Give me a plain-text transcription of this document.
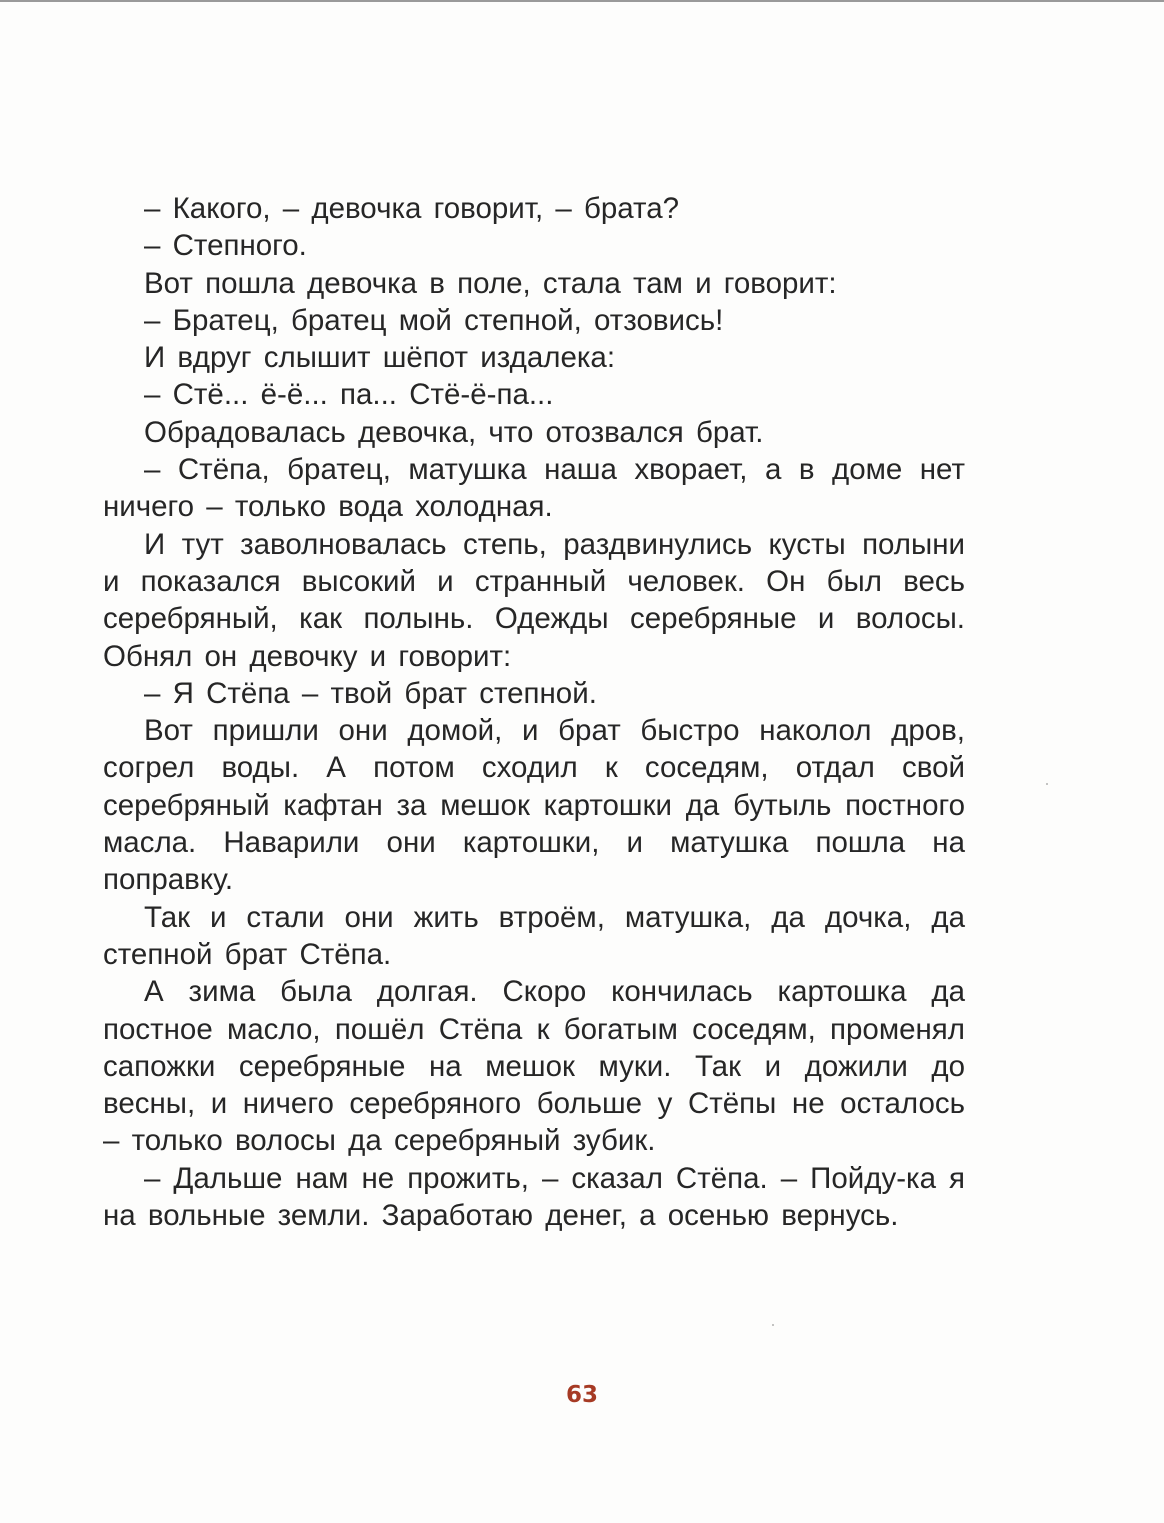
– Какого, – девочка говорит, – брата?

– Степного.

Вот пошла девочка в поле, стала там и говорит:

– Братец, братец мой степной, отзовись!

И вдруг слышит шёпот издалека:

– Стё... ё-ё... па... Стё-ё-па...

Обрадовалась девочка, что отозвался брат.

– Стёпа, братец, матушка наша хворает, а в доме нет ничего – только вода холодная.

И тут заволновалась степь, раздвинулись кусты полыни и показался высокий и странный человек. Он был весь серебряный, как полынь. Одежды серебряные и волосы. Обнял он девочку и говорит:

– Я Стёпа – твой брат степной.

Вот пришли они домой, и брат быстро наколол дров, согрел воды. А потом сходил к соседям, отдал свой серебряный кафтан за мешок картошки да бутыль постного масла. Наварили они картошки, и матушка пошла на поправку.

Так и стали они жить втроём, матушка, да дочка, да степной брат Стёпа.

А зима была долгая. Скоро кончилась картошка да постное масло, пошёл Стёпа к богатым соседям, променял сапожки серебряные на мешок муки. Так и дожили до весны, и ничего серебряного больше у Стёпы не осталось – только волосы да серебряный зубик.

– Дальше нам не прожить, – сказал Стёпа. – Пойду-ка я на вольные земли. Заработаю денег, а осенью вернусь.

63
